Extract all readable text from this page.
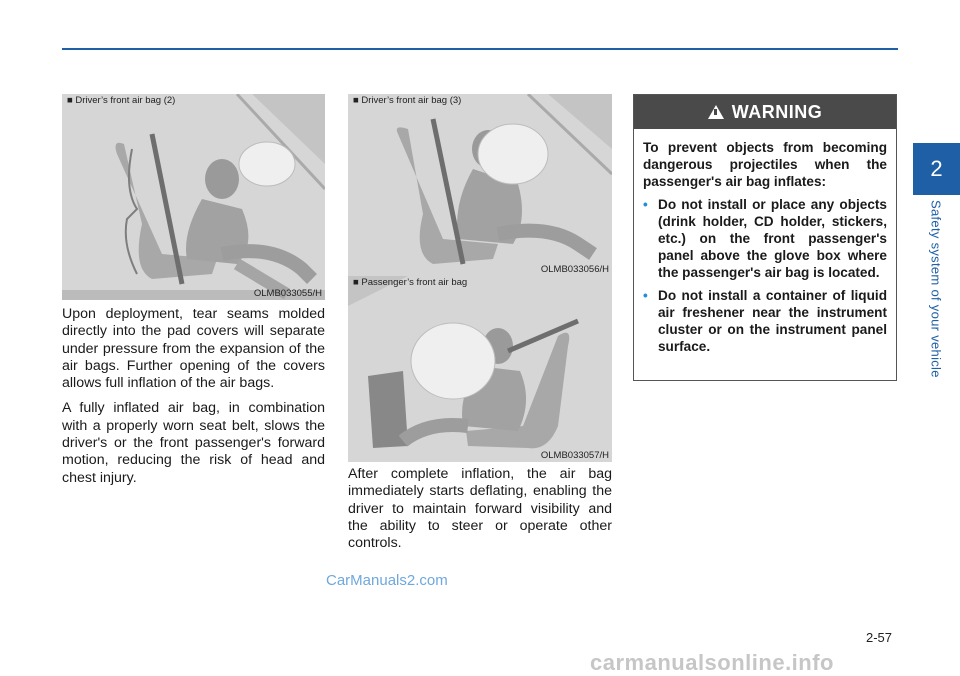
2
Safety system of your vehicle
■ Driver’s front air bag (2)
OLMB033055/H
■ Driver’s front air bag (3)
OLMB033056/H
■ Passenger’s front air bag
OLMB033057/H

Upon deployment, tear seams molded directly into the pad covers will separate under pressure from the expansion of the air bags. Further opening of the covers allows full inflation of the air bags.

A fully inflated air bag, in combination with a properly worn seat belt, slows the driver's or the front passenger's forward motion, reducing the risk of head and chest injury.	After complete inflation, the air bag immediately starts deflating, enabling the driver to maintain forward visibility and the ability to steer or operate other controls.

WARNING

To prevent objects from becoming dangerous projectiles when the passenger's air bag inflates:

• Do not install or place any objects (drink holder, CD holder, stickers, etc.) on the front passenger's panel above the glove box where the passenger's air bag is located.
• Do not install a container of liquid air freshener near the instrument cluster or on the instrument panel surface.
CarManuals2.com
2-57
carmanualsonline.info
